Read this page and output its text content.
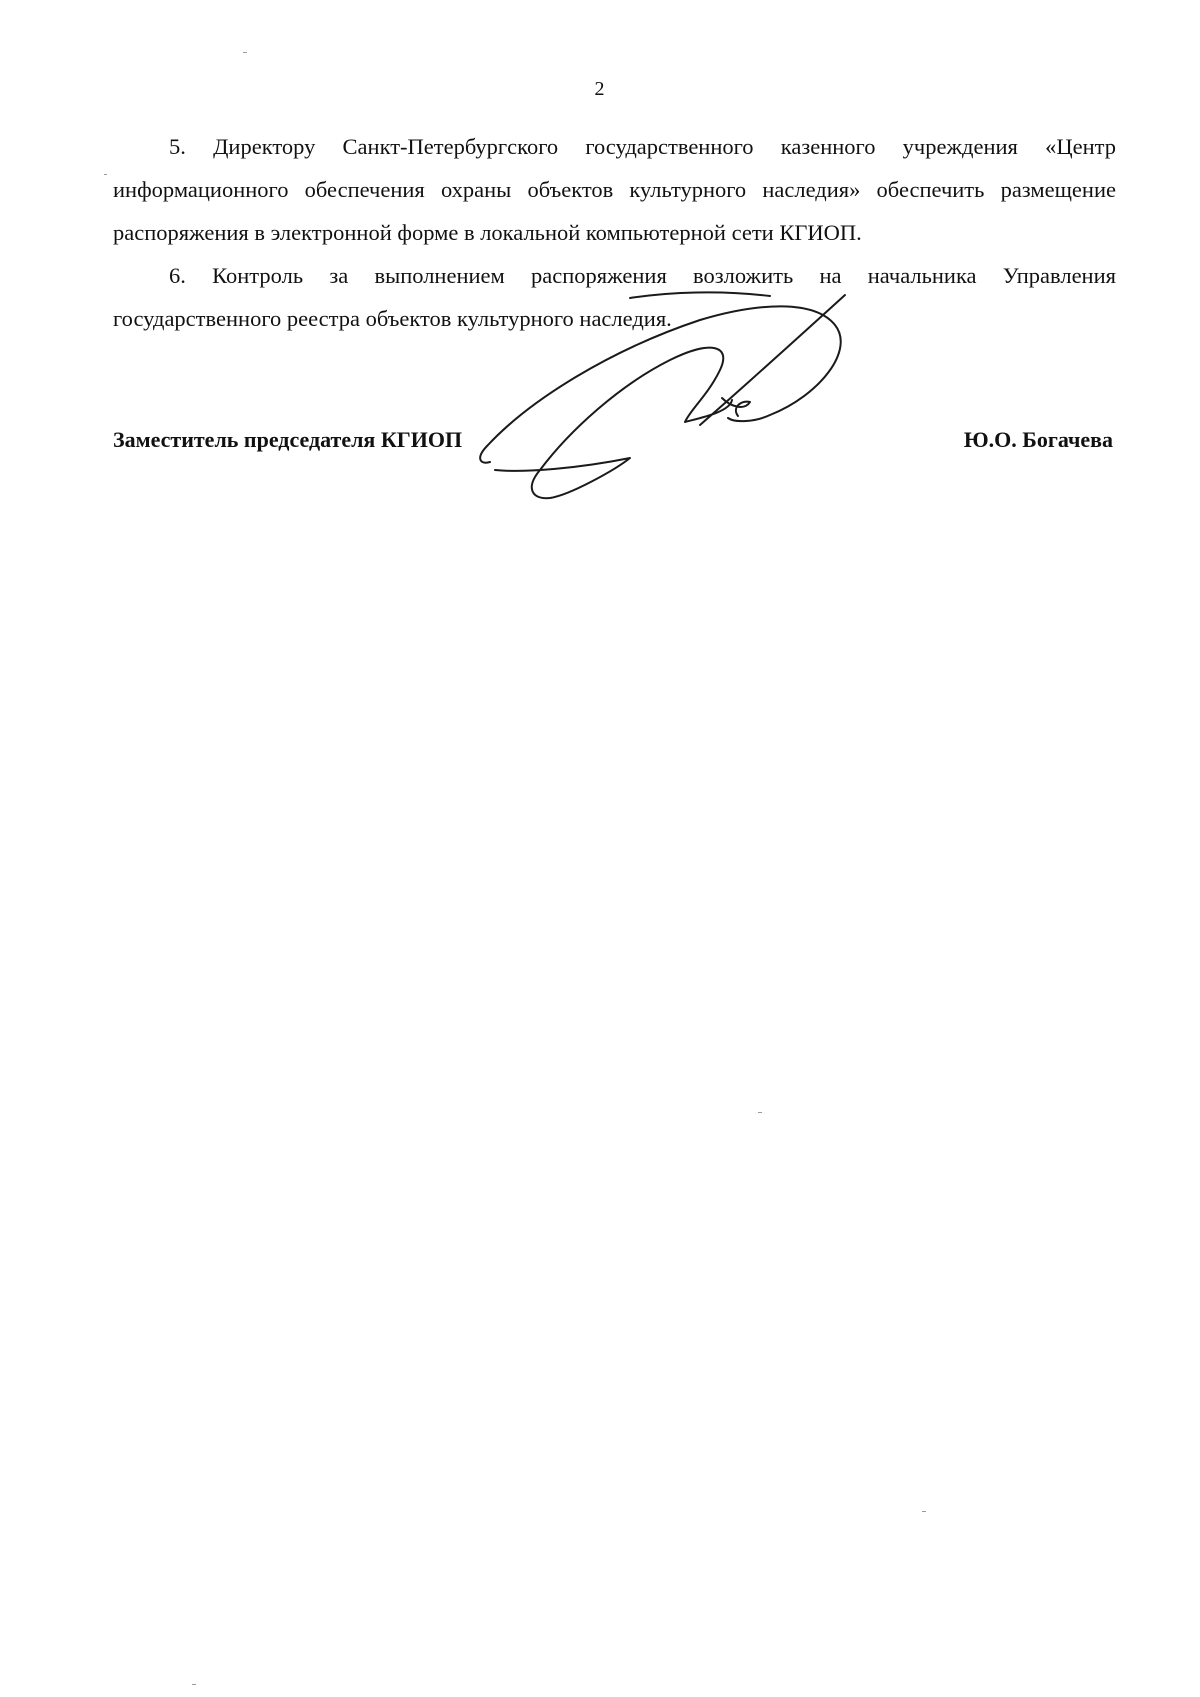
2

5. Директору Санкт-Петербургского государственного казенного учреждения «Центр информационного обеспечения охраны объектов культурного наследия» обеспечить размещение распоряжения в электронной форме в локальной компьютерной сети КГИОП.

6. Контроль за выполнением распоряжения возложить на начальника Управления государственного реестра объектов культурного наследия.

Заместитель председателя КГИОП	Ю.О. Богачева
